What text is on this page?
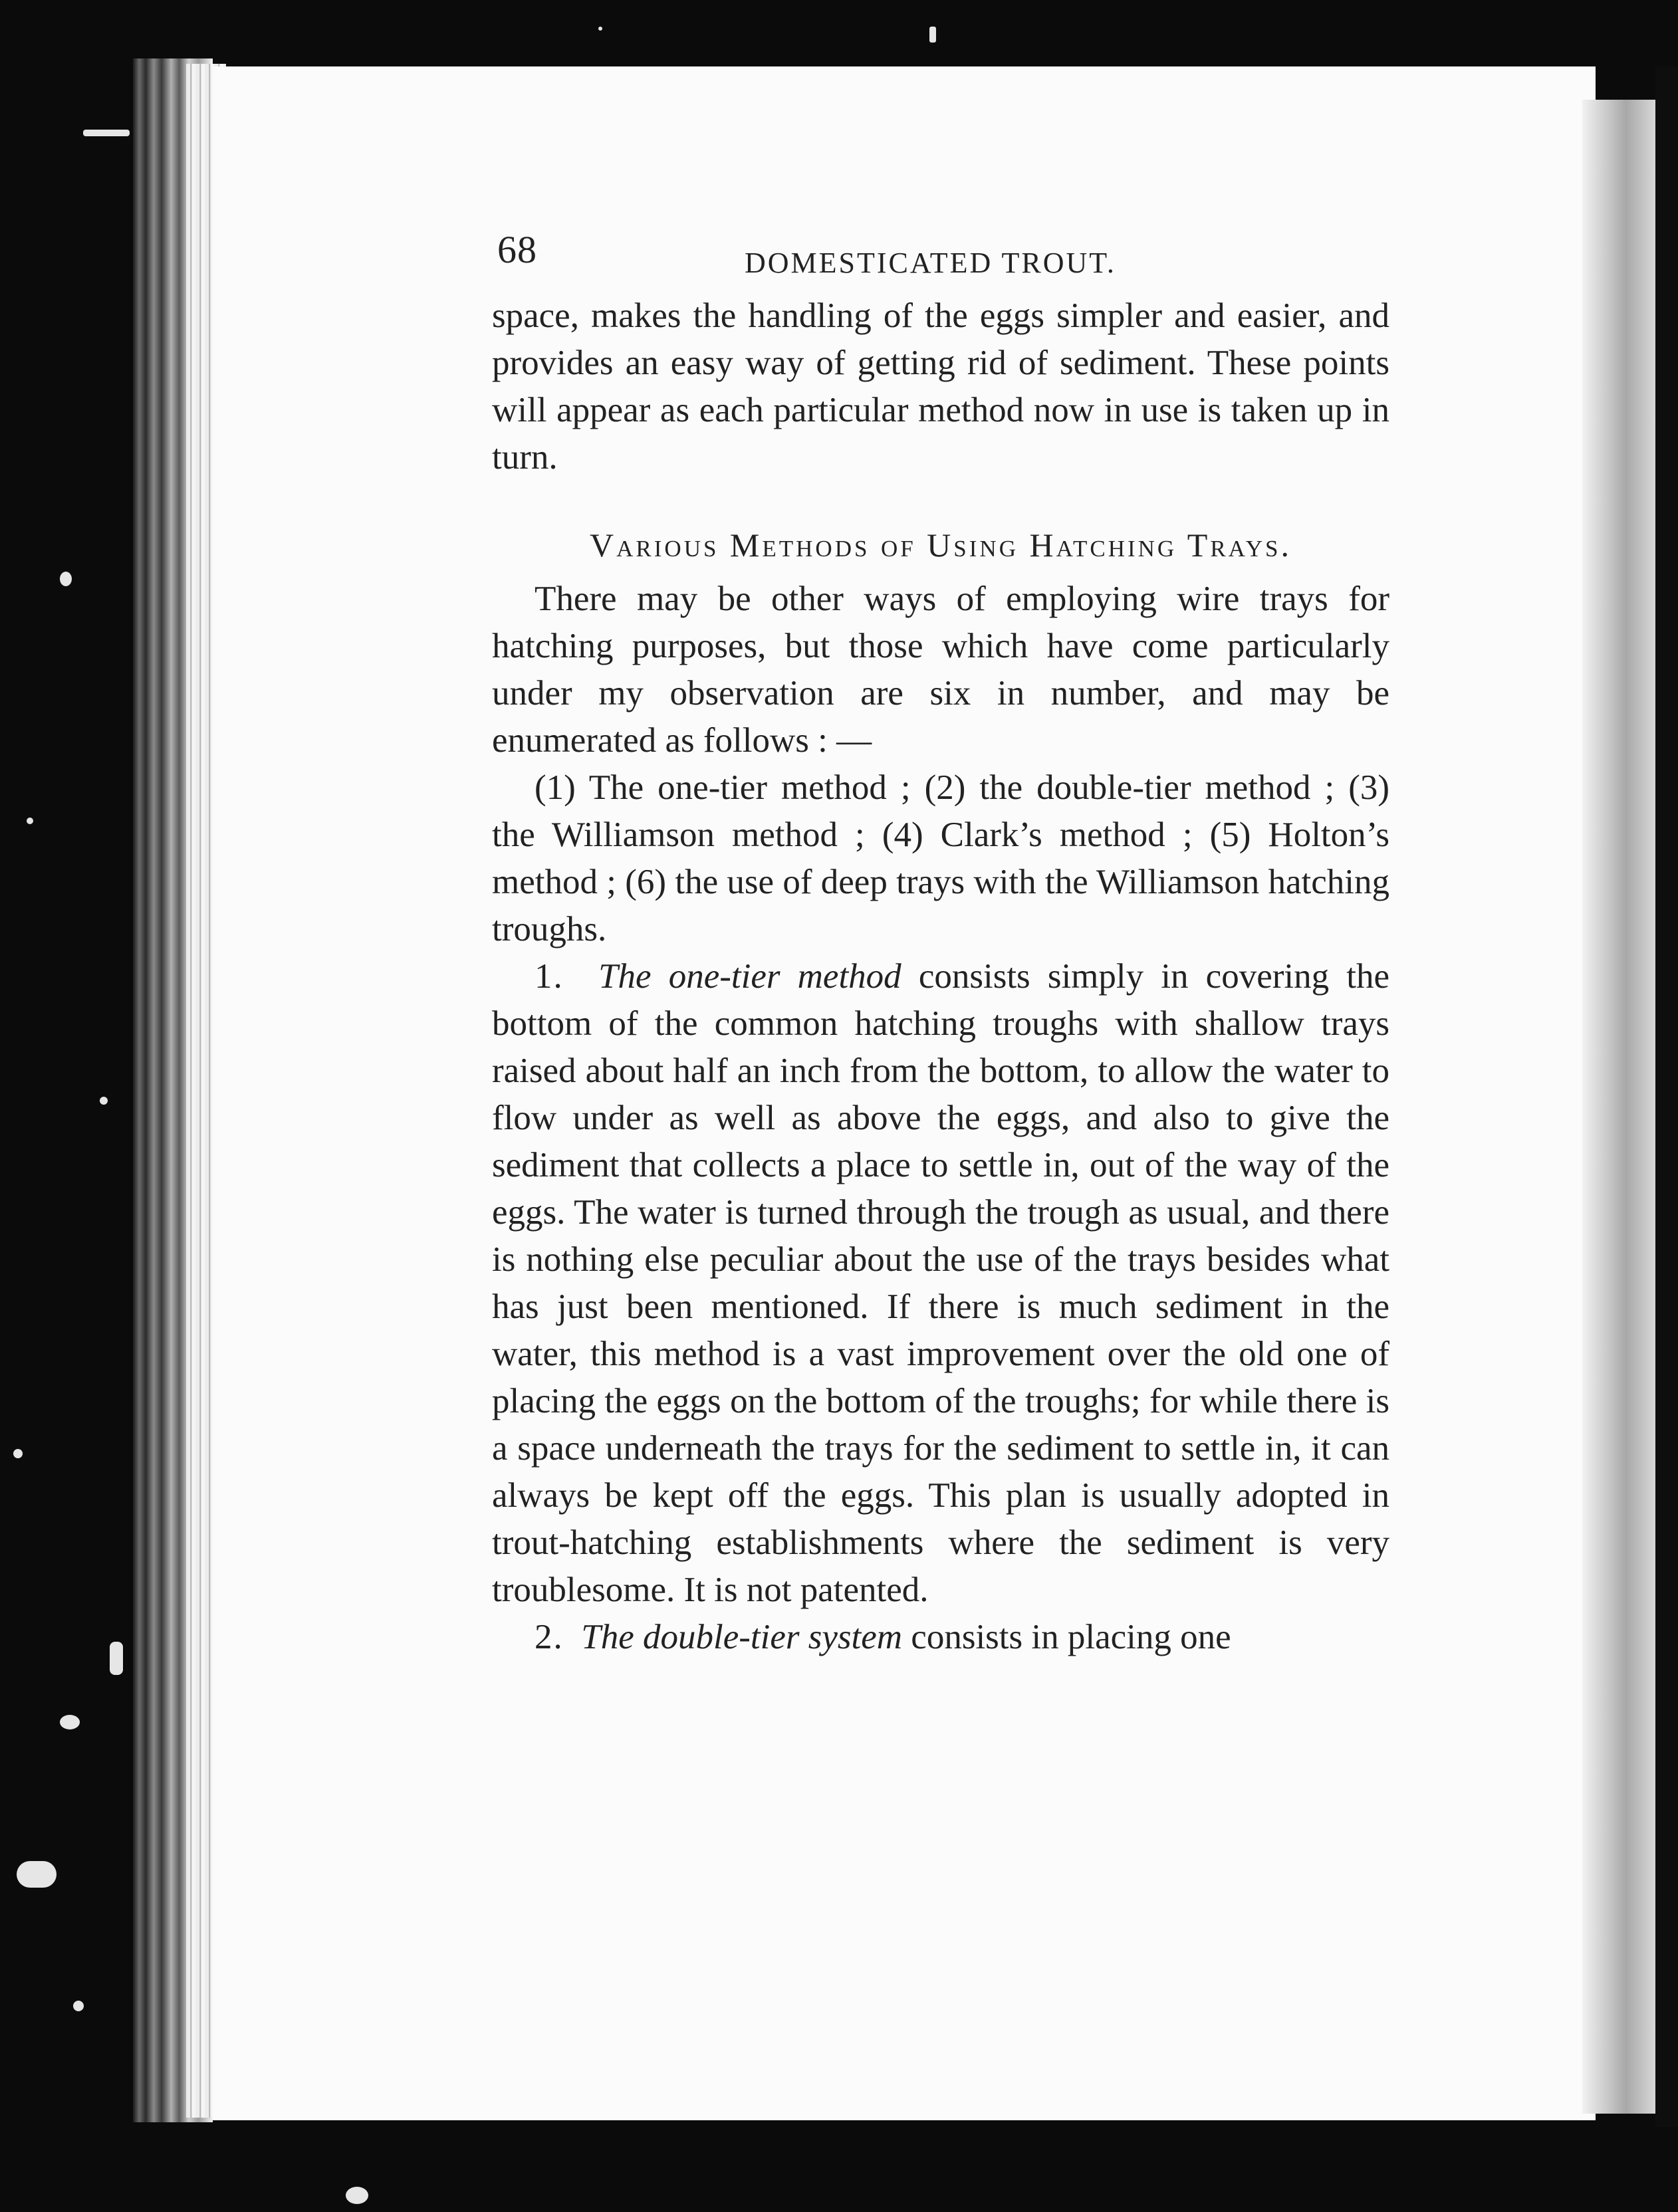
68	DOMESTICATED TROUT.

space, makes the handling of the eggs simpler and easier, and provides an easy way of getting rid of sediment. These points will appear as each particular method now in use is taken up in turn.

Various Methods of Using Hatching Trays.

There may be other ways of employing wire trays for hatching purposes, but those which have come particularly under my observation are six in number, and may be enumerated as follows : —

(1) The one-tier method ; (2) the double-tier method ; (3) the Williamson method ; (4) Clark’s method ; (5) Holton’s method ; (6) the use of deep trays with the Williamson hatching troughs.

1. The one-tier method consists simply in covering the bottom of the common hatching troughs with shallow trays raised about half an inch from the bottom, to allow the water to flow under as well as above the eggs, and also to give the sediment that collects a place to settle in, out of the way of the eggs. The water is turned through the trough as usual, and there is nothing else peculiar about the use of the trays besides what has just been mentioned. If there is much sediment in the water, this method is a vast improvement over the old one of placing the eggs on the bottom of the troughs; for while there is a space underneath the trays for the sediment to settle in, it can always be kept off the eggs. This plan is usually adopted in trout-hatching establishments where the sediment is very troublesome. It is not patented.

2. The double-tier system consists in placing one
